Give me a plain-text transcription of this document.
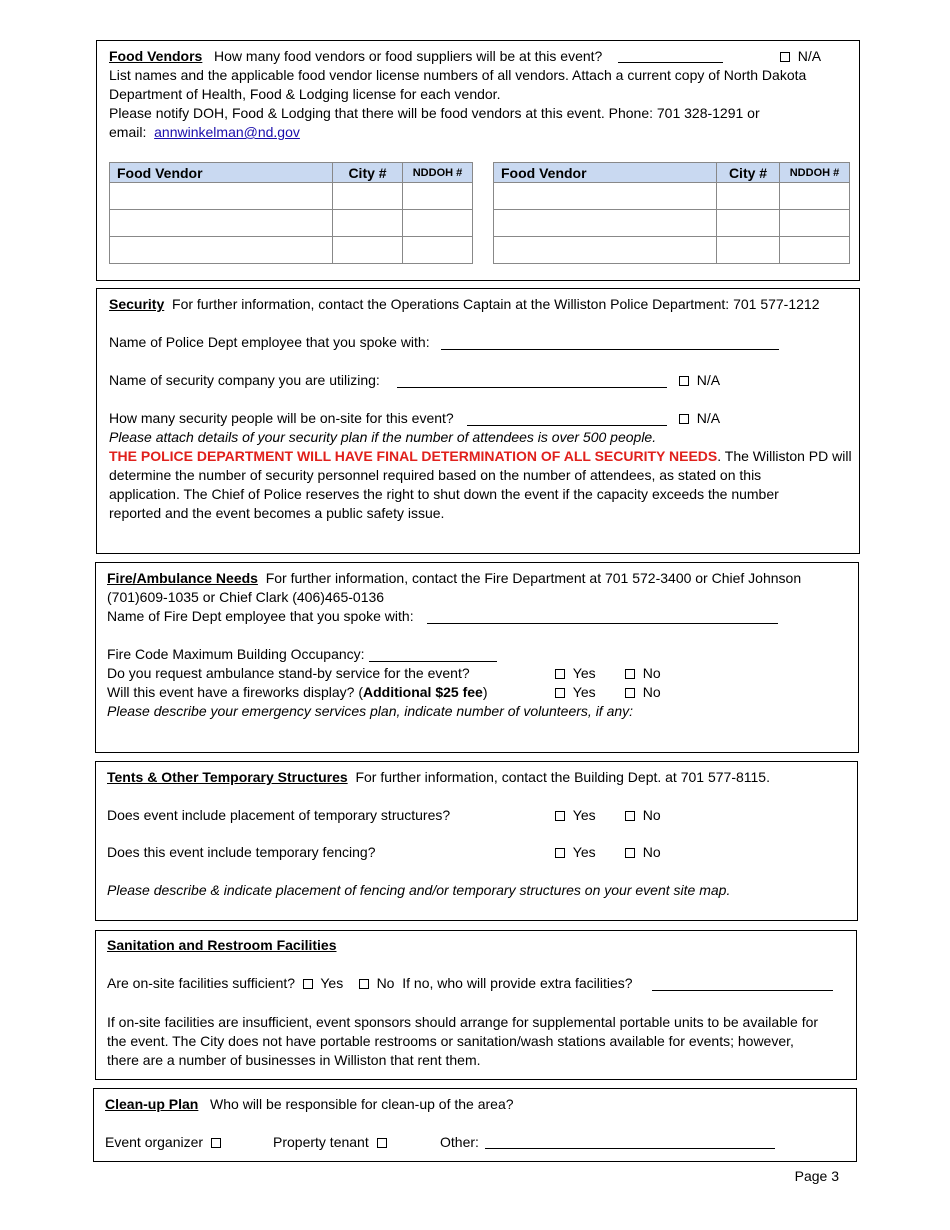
Food Vendors How many food vendors or food suppliers will be at this event?	N/A
List names and the applicable food vendor license numbers of all vendors. Attach a current copy of North Dakota
Department of Health, Food & Lodging license for each vendor.
Please notify DOH, Food & Lodging that there will be food vendors at this event. Phone: 701 328-1291 or
email: annwinkelman@nd.gov
Food Vendor	City #	NDDOH #

			Food Vendor	City #	NDDOH #

Security For further information, contact the Operations Captain at the Williston Police Department: 701 577-1212
Name of Police Dept employee that you spoke with:
Name of security company you are utilizing:	N/A
How many security people will be on-site for this event?	N/A
Please attach details of your security plan if the number of attendees is over 500 people.
THE POLICE DEPARTMENT WILL HAVE FINAL DETERMINATION OF ALL SECURITY NEEDS. The Williston PD will
determine the number of security personnel required based on the number of attendees, as stated on this
application. The Chief of Police reserves the right to shut down the event if the capacity exceeds the number
reported and the event becomes a public safety issue.
Fire/Ambulance Needs For further information, contact the Fire Department at 701 572-3400 or Chief Johnson
(701)609-1035 or Chief Clark (406)465-0136
Name of Fire Dept employee that you spoke with:
Fire Code Maximum Building Occupancy:
Do you request ambulance stand-by service for the event?	Yes	No
Will this event have a fireworks display? (Additional $25 fee)	Yes	No
Please describe your emergency services plan, indicate number of volunteers, if any:
Tents & Other Temporary Structures For further information, contact the Building Dept. at 701 577-8115.
Does event include placement of temporary structures?	Yes	No
Does this event include temporary fencing?	Yes	No
Please describe & indicate placement of fencing and/or temporary structures on your event site map.
Sanitation and Restroom Facilities
Are on-site facilities sufficient? Yes No If no, who will provide extra facilities?
If on-site facilities are insufficient, event sponsors should arrange for supplemental portable units to be available for
the event. The City does not have portable restrooms or sanitation/wash stations available for events; however,
there are a number of businesses in Williston that rent them.
Clean-up Plan Who will be responsible for clean-up of the area?
Event organizer	Property tenant	Other:
Page 3
